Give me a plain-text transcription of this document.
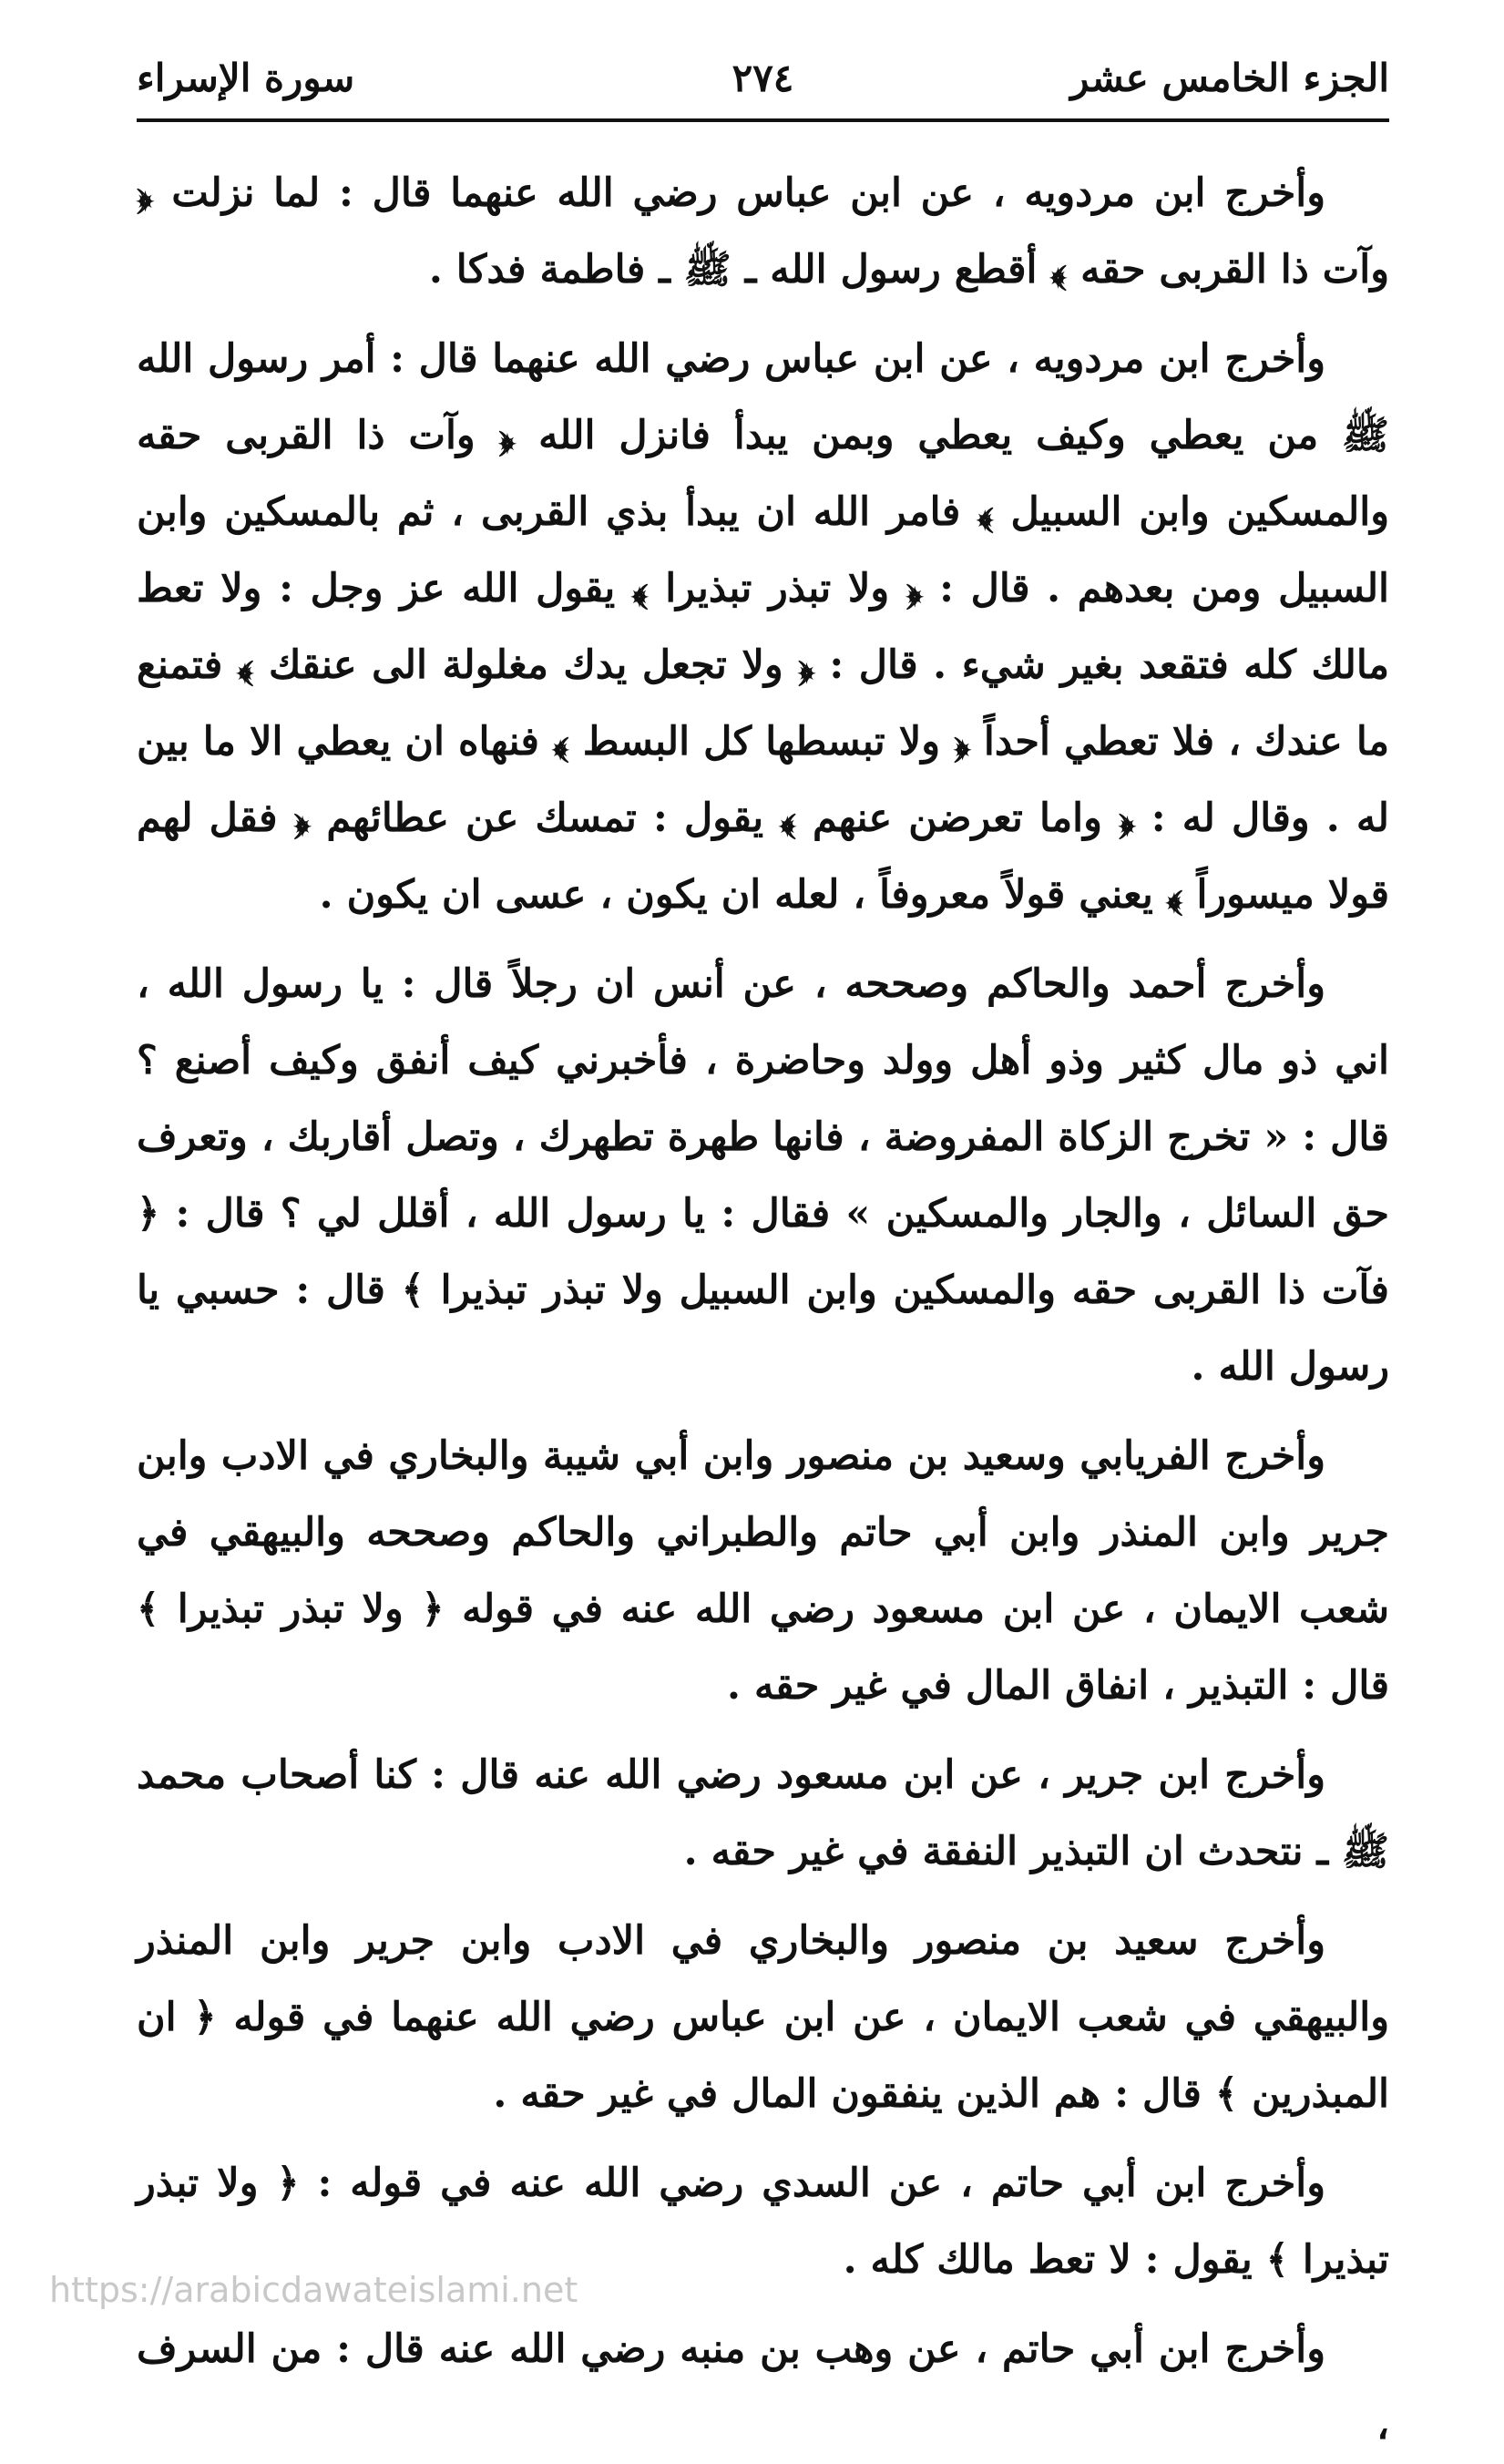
الجزء الخامس عشر
٢٧٤
سورة الإسراء

وأخرج ابن مردويه ، عن ابن عباس رضي الله عنهما قال : لما نزلت ﴿ وآت ذا القربى حقه ﴾ أقطع رسول الله ـ ﷺ ـ فاطمة فدكا .

وأخرج ابن مردويه ، عن ابن عباس رضي الله عنهما قال : أمر رسول الله ﷺ من يعطي وكيف يعطي وبمن يبدأ فانزل الله ﴿ وآت ذا القربى حقه والمسكين وابن السبيل ﴾ فامر الله ان يبدأ بذي القربى ، ثم بالمسكين وابن السبيل ومن بعدهم . قال : ﴿ ولا تبذر تبذيرا ﴾ يقول الله عز وجل : ولا تعط مالك كله فتقعد بغير شيء . قال : ﴿ ولا تجعل يدك مغلولة الى عنقك ﴾ فتمنع ما عندك ، فلا تعطي أحداً ﴿ ولا تبسطها كل البسط ﴾ فنهاه ان يعطي الا ما بين له . وقال له : ﴿ واما تعرضن عنهم ﴾ يقول : تمسك عن عطائهم ﴿ فقل لهم قولا ميسوراً ﴾ يعني قولاً معروفاً ، لعله ان يكون ، عسى ان يكون .

وأخرج أحمد والحاكم وصححه ، عن أنس ان رجلاً قال : يا رسول الله ، اني ذو مال كثير وذو أهل وولد وحاضرة ، فأخبرني كيف أنفق وكيف أصنع ؟ قال : « تخرج الزكاة المفروضة ، فانها طهرة تطهرك ، وتصل أقاربك ، وتعرف حق السائل ، والجار والمسكين » فقال : يا رسول الله ، أقلل لي ؟ قال : ﴿ فآت ذا القربى حقه والمسكين وابن السبيل ولا تبذر تبذيرا ﴾ قال : حسبي يا رسول الله .

وأخرج الفريابي وسعيد بن منصور وابن أبي شيبة والبخاري في الادب وابن جرير وابن المنذر وابن أبي حاتم والطبراني والحاكم وصححه والبيهقي في شعب الايمان ، عن ابن مسعود رضي الله عنه في قوله ﴿ ولا تبذر تبذيرا ﴾ قال : التبذير ، انفاق المال في غير حقه .

وأخرج ابن جرير ، عن ابن مسعود رضي الله عنه قال : كنا أصحاب محمد ﷺ ـ نتحدث ان التبذير النفقة في غير حقه .

وأخرج سعيد بن منصور والبخاري في الادب وابن جرير وابن المنذر والبيهقي في شعب الايمان ، عن ابن عباس رضي الله عنهما في قوله ﴿ ان المبذرين ﴾ قال : هم الذين ينفقون المال في غير حقه .

وأخرج ابن أبي حاتم ، عن السدي رضي الله عنه في قوله : ﴿ ولا تبذر تبذيرا ﴾ يقول : لا تعط مالك كله .

وأخرج ابن أبي حاتم ، عن وهب بن منبه رضي الله عنه قال : من السرف ،

https://arabicdawateislami.net
